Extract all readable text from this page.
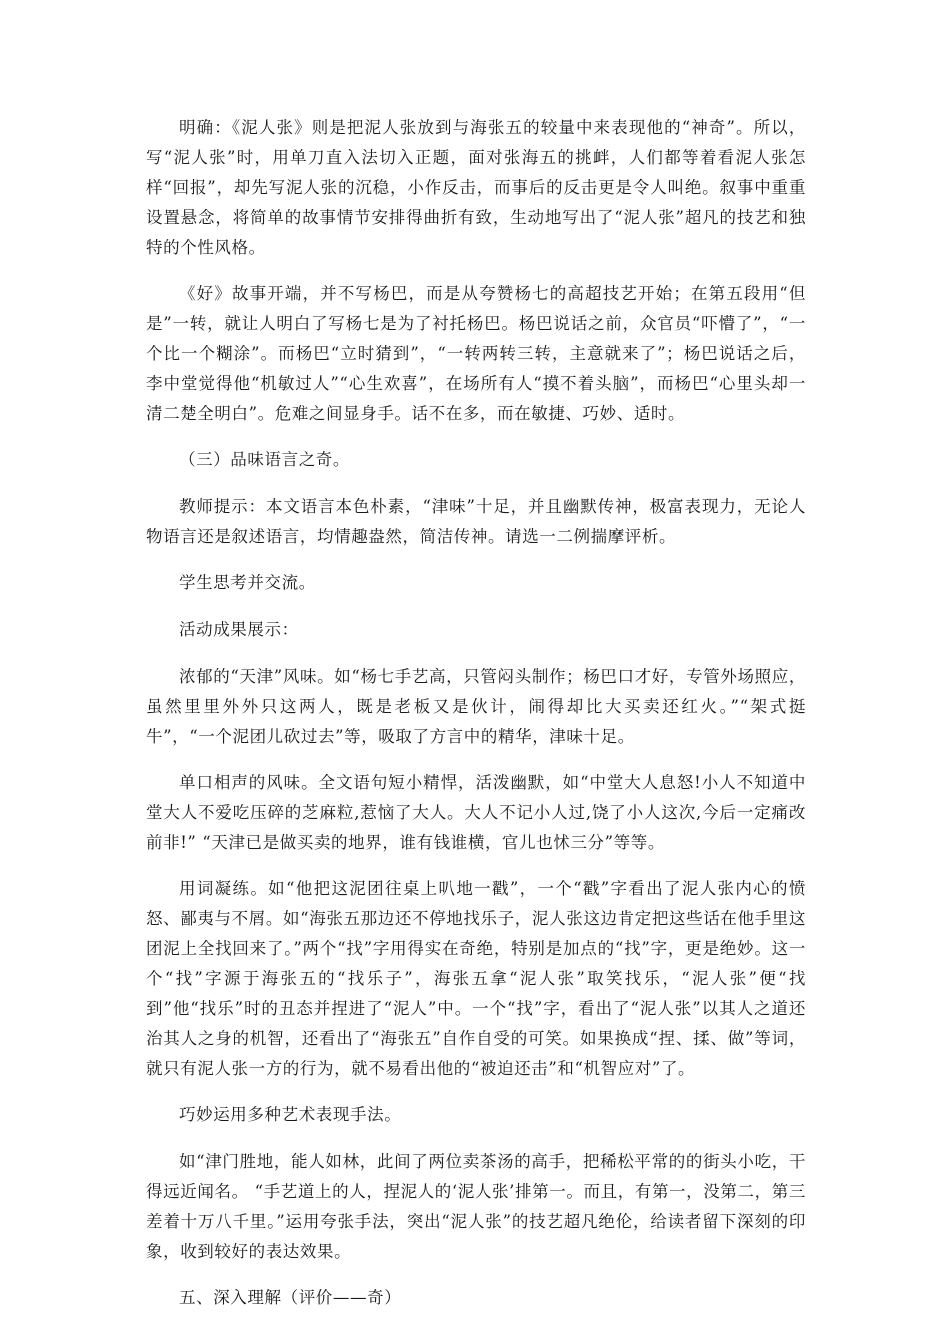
明确：《泥人张》则是把泥人张放到与海张五的较量中来表现他的“神奇”。所以，写“泥人张”时，用单刀直入法切入正题，面对张海五的挑衅，人们都等着看泥人张怎样“回报”，却先写泥人张的沉稳，小作反击，而事后的反击更是令人叫绝。叙事中重重设置悬念，将简单的故事情节安排得曲折有致，生动地写出了“泥人张”超凡的技艺和独特的个性风格。

《好》故事开端，并不写杨巴，而是从夸赞杨七的高超技艺开始；在第五段用“但是”一转，就让人明白了写杨七是为了衬托杨巴。杨巴说话之前，众官员“吓懵了”，“一个比一个糊涂”。而杨巴“立时猜到”，“一转两转三转，主意就来了”；杨巴说话之后，李中堂觉得他“机敏过人”“心生欢喜”，在场所有人“摸不着头脑”，而杨巴“心里头却一清二楚全明白”。危难之间显身手。话不在多，而在敏捷、巧妙、适时。

（三）品味语言之奇。

教师提示：本文语言本色朴素，“津味”十足，并且幽默传神，极富表现力，无论人物语言还是叙述语言，均情趣盎然，简洁传神。请选一二例揣摩评析。

学生思考并交流。

活动成果展示：

浓郁的“天津”风味。如“杨七手艺高，只管闷头制作；杨巴口才好，专管外场照应，虽然里里外外只这两人，既是老板又是伙计，闹得却比大买卖还红火。”“架式挺牛”，“一个泥团儿砍过去”等，吸取了方言中的精华，津味十足。

单口相声的风味。全文语句短小精悍，活泼幽默，如“中堂大人息怒!小人不知道中堂大人不爱吃压碎的芝麻粒,惹恼了大人。大人不记小人过,饶了小人这次,今后一定痛改前非!” “天津已是做买卖的地界，谁有钱谁横，官儿也怵三分”等等。

用词凝练。如“他把这泥团往桌上叭地一戳”，一个“戳”字看出了泥人张内心的愤怒、鄙夷与不屑。如“海张五那边还不停地找乐子，泥人张这边肯定把这些话在他手里这团泥上全找回来了。”两个“找”字用得实在奇绝，特别是加点的“找”字，更是绝妙。这一个“找”字源于海张五的“找乐子”，海张五拿“泥人张”取笑找乐，“泥人张”便“找到”他“找乐”时的丑态并捏进了“泥人”中。一个“找”字，看出了“泥人张”以其人之道还治其人之身的机智，还看出了“海张五”自作自受的可笑。如果换成“捏、揉、做”等词，就只有泥人张一方的行为，就不易看出他的“被迫还击”和“机智应对”了。

巧妙运用多种艺术表现手法。

如“津门胜地，能人如林，此间了两位卖茶汤的高手，把稀松平常的的街头小吃，干得远近闻名。 “手艺道上的人，捏泥人的‘泥人张’排第一。而且，有第一，没第二，第三差着十万八千里。”运用夸张手法，突出“泥人张”的技艺超凡绝伦，给读者留下深刻的印象，收到较好的表达效果。

五、深入理解（评价——奇）
